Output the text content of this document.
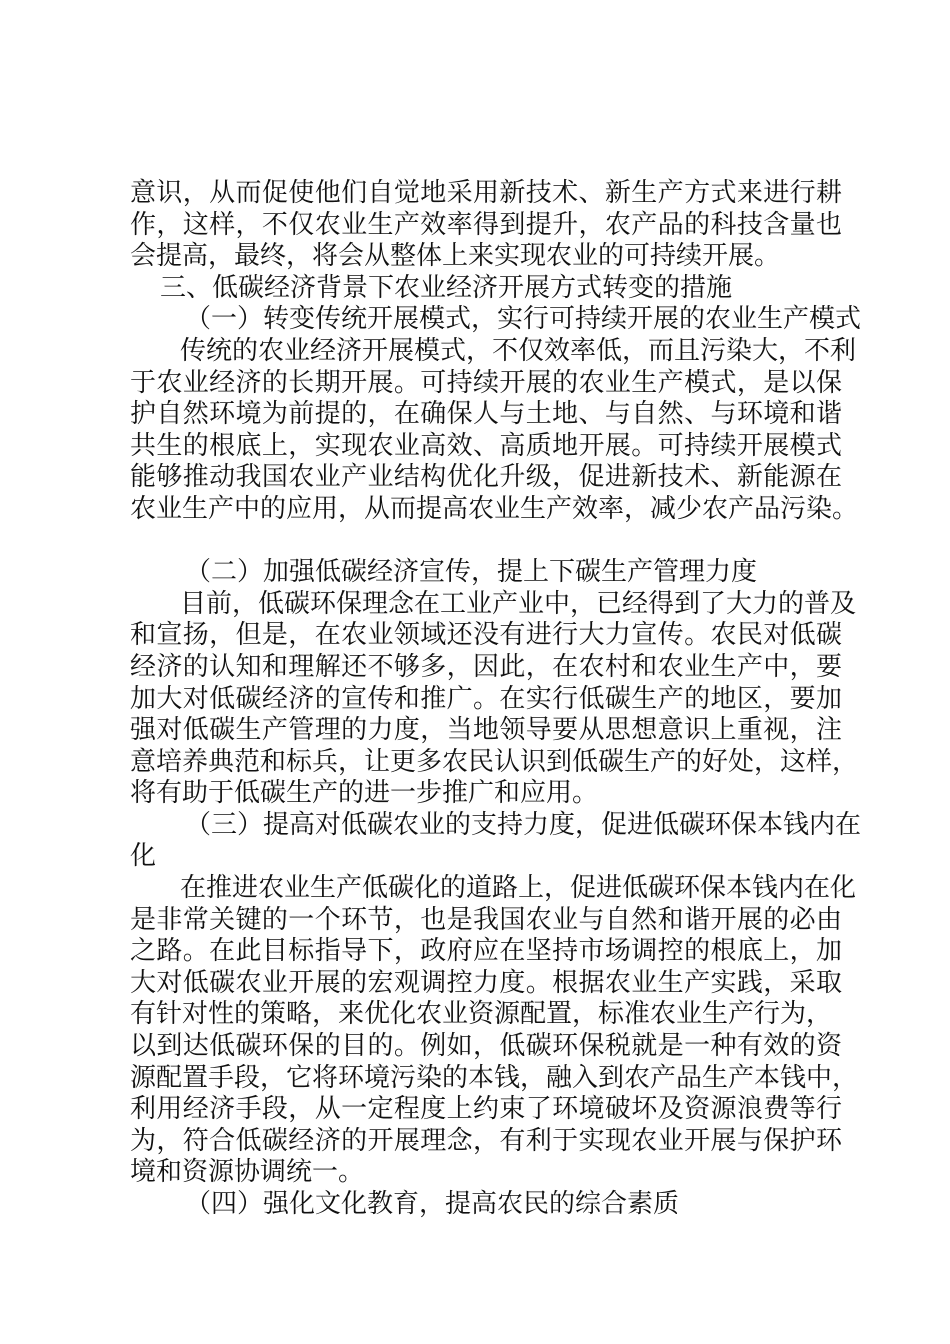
意识，从而促使他们自觉地采用新技术、新生产方式来进行耕
作，这样，不仅农业生产效率得到提升，农产品的科技含量也
会提高，最终，将会从整体上来实现农业的可持续开展。
三、低碳经济背景下农业经济开展方式转变的措施
（一）转变传统开展模式，实行可持续开展的农业生产模式
传统的农业经济开展模式，不仅效率低，而且污染大，不利
于农业经济的长期开展。可持续开展的农业生产模式，是以保
护自然环境为前提的，在确保人与土地、与自然、与环境和谐
共生的根底上，实现农业高效、高质地开展。可持续开展模式
能够推动我国农业产业结构优化升级，促进新技术、新能源在
农业生产中的应用，从而提高农业生产效率，减少农产品污染。
（二）加强低碳经济宣传，提上下碳生产管理力度
目前，低碳环保理念在工业产业中，已经得到了大力的普及
和宣扬，但是，在农业领域还没有进行大力宣传。农民对低碳
经济的认知和理解还不够多，因此，在农村和农业生产中，要
加大对低碳经济的宣传和推广。在实行低碳生产的地区，要加
强对低碳生产管理的力度，当地领导要从思想意识上重视，注
意培养典范和标兵，让更多农民认识到低碳生产的好处，这样，
将有助于低碳生产的进一步推广和应用。
（三）提高对低碳农业的支持力度，促进低碳环保本钱内在
化
在推进农业生产低碳化的道路上，促进低碳环保本钱内在化
是非常关键的一个环节，也是我国农业与自然和谐开展的必由
之路。在此目标指导下，政府应在坚持市场调控的根底上，加
大对低碳农业开展的宏观调控力度。根据农业生产实践，采取
有针对性的策略，来优化农业资源配置，标准农业生产行为，
以到达低碳环保的目的。例如，低碳环保税就是一种有效的资
源配置手段，它将环境污染的本钱，融入到农产品生产本钱中，
利用经济手段，从一定程度上约束了环境破坏及资源浪费等行
为，符合低碳经济的开展理念，有利于实现农业开展与保护环
境和资源协调统一。
（四）强化文化教育，提高农民的综合素质
